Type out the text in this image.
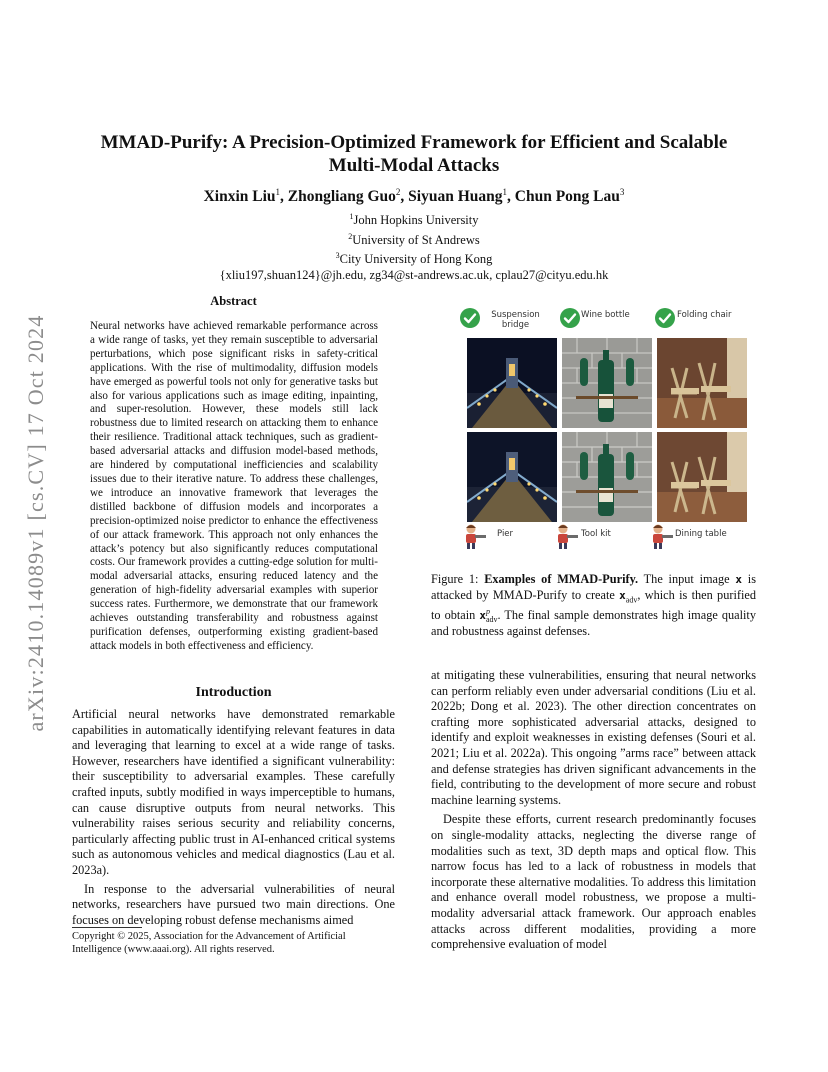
arXiv:2410.14089v1 [cs.CV] 17 Oct 2024
MMAD-Purify: A Precision-Optimized Framework for Efficient and Scalable
Multi-Modal Attacks
Xinxin Liu$^1$, Zhongliang Guo$^2$, Siyuan Huang$^1$, Chun Pong Lau$^3$
$^1$John Hopkins University
$^2$University of St Andrews
$^3$City University of Hong Kong
{xliu197,shuan124}@jh.edu, zg34@st-andrews.ac.uk, cplau27@cityu.edu.hk
Abstract

Neural networks have achieved remarkable performance across a wide range of tasks, yet they remain susceptible to adversarial perturbations, which pose significant risks in safety-critical applications. With the rise of multimodality, diffusion models have emerged as powerful tools not only for generative tasks but also for various applications such as image editing, inpainting, and super-resolution. However, these models still lack robustness due to limited research on attacking them to enhance their resilience. Traditional attack techniques, such as gradient-based adversarial attacks and diffusion model-based methods, are hindered by computational inefficiencies and scalability issues due to their iterative nature. To address these challenges, we introduce an innovative framework that leverages the distilled backbone of diffusion models and incorporates a precision-optimized noise predictor to enhance the effectiveness of our attack framework. This approach not only enhances the attack’s potency but also significantly reduces computational costs. Our framework provides a cutting-edge solution for multi-modal adversarial attacks, ensuring reduced latency and the generation of high-fidelity adversarial examples with superior success rates. Furthermore, we demonstrate that our framework achieves outstanding transferability and robustness against purification defenses, outperforming existing gradient-based attack models in both effectiveness and efficiency.

Introduction

Artificial neural networks have demonstrated remarkable capabilities in automatically identifying relevant features in data and leveraging that learning to excel at a wide range of tasks. However, researchers have identified a significant vulnerability: their susceptibility to adversarial examples. These carefully crafted inputs, subtly modified in ways imperceptible to humans, can cause disruptive outputs from neural networks. This vulnerability raises serious security and reliability concerns, particularly affecting public trust in AI-enhanced critical systems such as autonomous vehicles and medical diagnostics (Lau et al. 2023a).

In response to the adversarial vulnerabilities of neural networks, researchers have pursued two main directions. One focuses on developing robust defense mechanisms aimed

Copyright © 2025, Association for the Advancement of Artificial Intelligence (www.aaai.org). All rights reserved.
Suspension bridge
Wine bottle	Folding chair
Pier	Tool kit	Dining table
Figure 1: Examples of MMAD-Purify. The input image x is attacked by MMAD-Purify to create $x_{adv}$, which is then purified to obtain x p
adv . The final sample demonstrates high image quality and robustness against defenses.

at mitigating these vulnerabilities, ensuring that neural networks can perform reliably even under adversarial conditions (Liu et al. 2022b; Dong et al. 2023). The other direction concentrates on crafting more sophisticated adversarial attacks, designed to identify and exploit weaknesses in existing defenses (Souri et al. 2021; Liu et al. 2022a). This ongoing ”arms race” between attack and defense strategies has driven significant advancements in the field, contributing to the development of more secure and robust machine learning systems.

Despite these efforts, current research predominantly focuses on single-modality attacks, neglecting the diverse range of modalities such as text, 3D depth maps and optical flow. This narrow focus has led to a lack of robustness in models that incorporate these alternative modalities. To address this limitation and enhance overall model robustness, we propose a multi-modality adversarial attack framework. Our approach enables attacks across different modalities, providing a more comprehensive evaluation of model
